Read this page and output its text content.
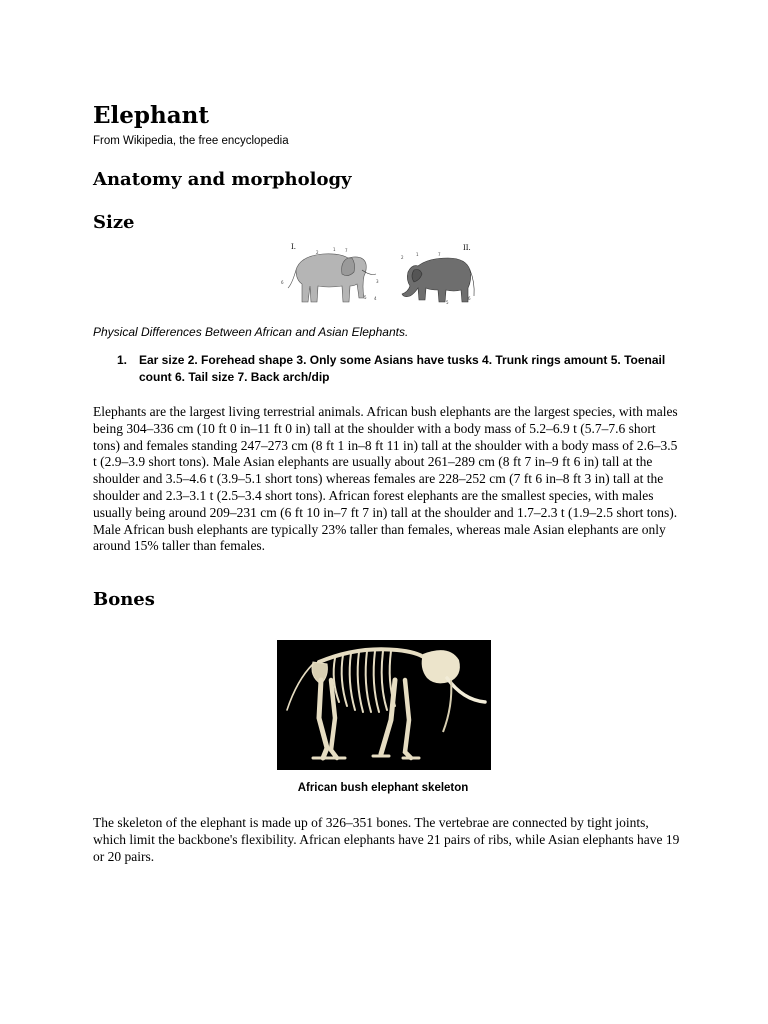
Elephant

From Wikipedia, the free encyclopedia

Anatomy and morphology
Size
I.	II.
2
1 7
2
1	7
3
4
6
5	6
5

Physical Differences Between African and Asian Elephants.

1. Ear size 2. Forehead shape 3. Only some Asians have tusks 4. Trunk rings amount 5. Toenail count 6. Tail size 7. Back arch/dip

Elephants are the largest living terrestrial animals. African bush elephants are the largest species, with males being 304–336 cm (10 ft 0 in–11 ft 0 in) tall at the shoulder with a body mass of 5.2–6.9 t (5.7–7.6 short tons) and females standing 247–273 cm (8 ft 1 in–8 ft 11 in) tall at the shoulder with a body mass of 2.6–3.5 t (2.9–3.9 short tons). Male Asian elephants are usually about 261–289 cm (8 ft 7 in–9 ft 6 in) tall at the shoulder and 3.5–4.6 t (3.9–5.1 short tons) whereas females are 228–252 cm (7 ft 6 in–8 ft 3 in) tall at the shoulder and 2.3–3.1 t (2.5–3.4 short tons). African forest elephants are the smallest species, with males usually being around 209–231 cm (6 ft 10 in–7 ft 7 in) tall at the shoulder and 1.7–2.3 t (1.9–2.5 short tons). Male African bush elephants are typically 23% taller than females, whereas male Asian elephants are only around 15% taller than females.

Bones

African bush elephant skeleton

The skeleton of the elephant is made up of 326–351 bones. The vertebrae are connected by tight joints, which limit the backbone's flexibility. African elephants have 21 pairs of ribs, while Asian elephants have 19 or 20 pairs.
